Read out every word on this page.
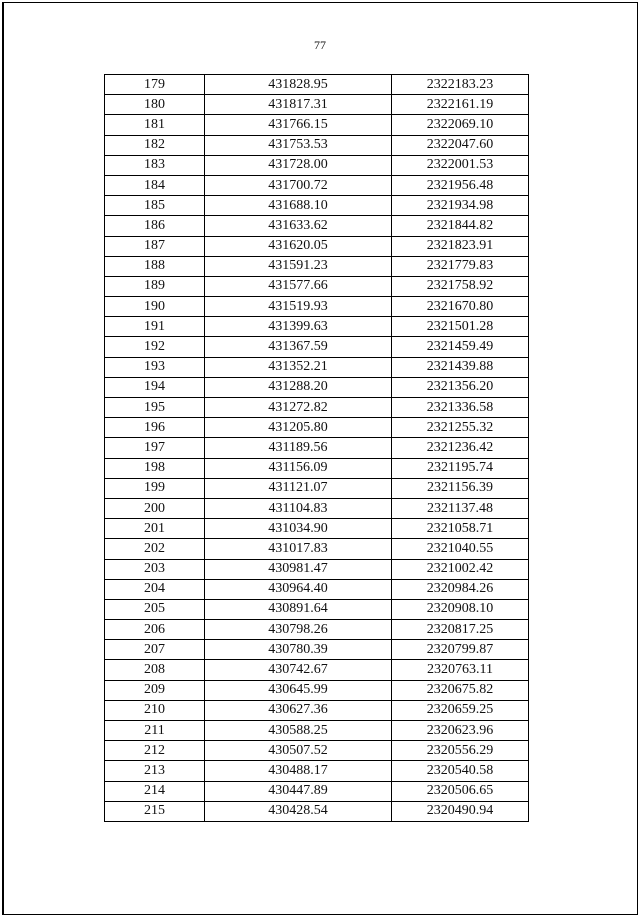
77
179	431828.95	2322183.23
180	431817.31	2322161.19
181	431766.15	2322069.10
182	431753.53	2322047.60
183	431728.00	2322001.53
184	431700.72	2321956.48
185	431688.10	2321934.98
186	431633.62	2321844.82
187	431620.05	2321823.91
188	431591.23	2321779.83
189	431577.66	2321758.92
190	431519.93	2321670.80
191	431399.63	2321501.28
192	431367.59	2321459.49
193	431352.21	2321439.88
194	431288.20	2321356.20
195	431272.82	2321336.58
196	431205.80	2321255.32
197	431189.56	2321236.42
198	431156.09	2321195.74
199	431121.07	2321156.39
200	431104.83	2321137.48
201	431034.90	2321058.71
202	431017.83	2321040.55
203	430981.47	2321002.42
204	430964.40	2320984.26
205	430891.64	2320908.10
206	430798.26	2320817.25
207	430780.39	2320799.87
208	430742.67	2320763.11
209	430645.99	2320675.82
210	430627.36	2320659.25
211	430588.25	2320623.96
212	430507.52	2320556.29
213	430488.17	2320540.58
214	430447.89	2320506.65
215	430428.54	2320490.94
